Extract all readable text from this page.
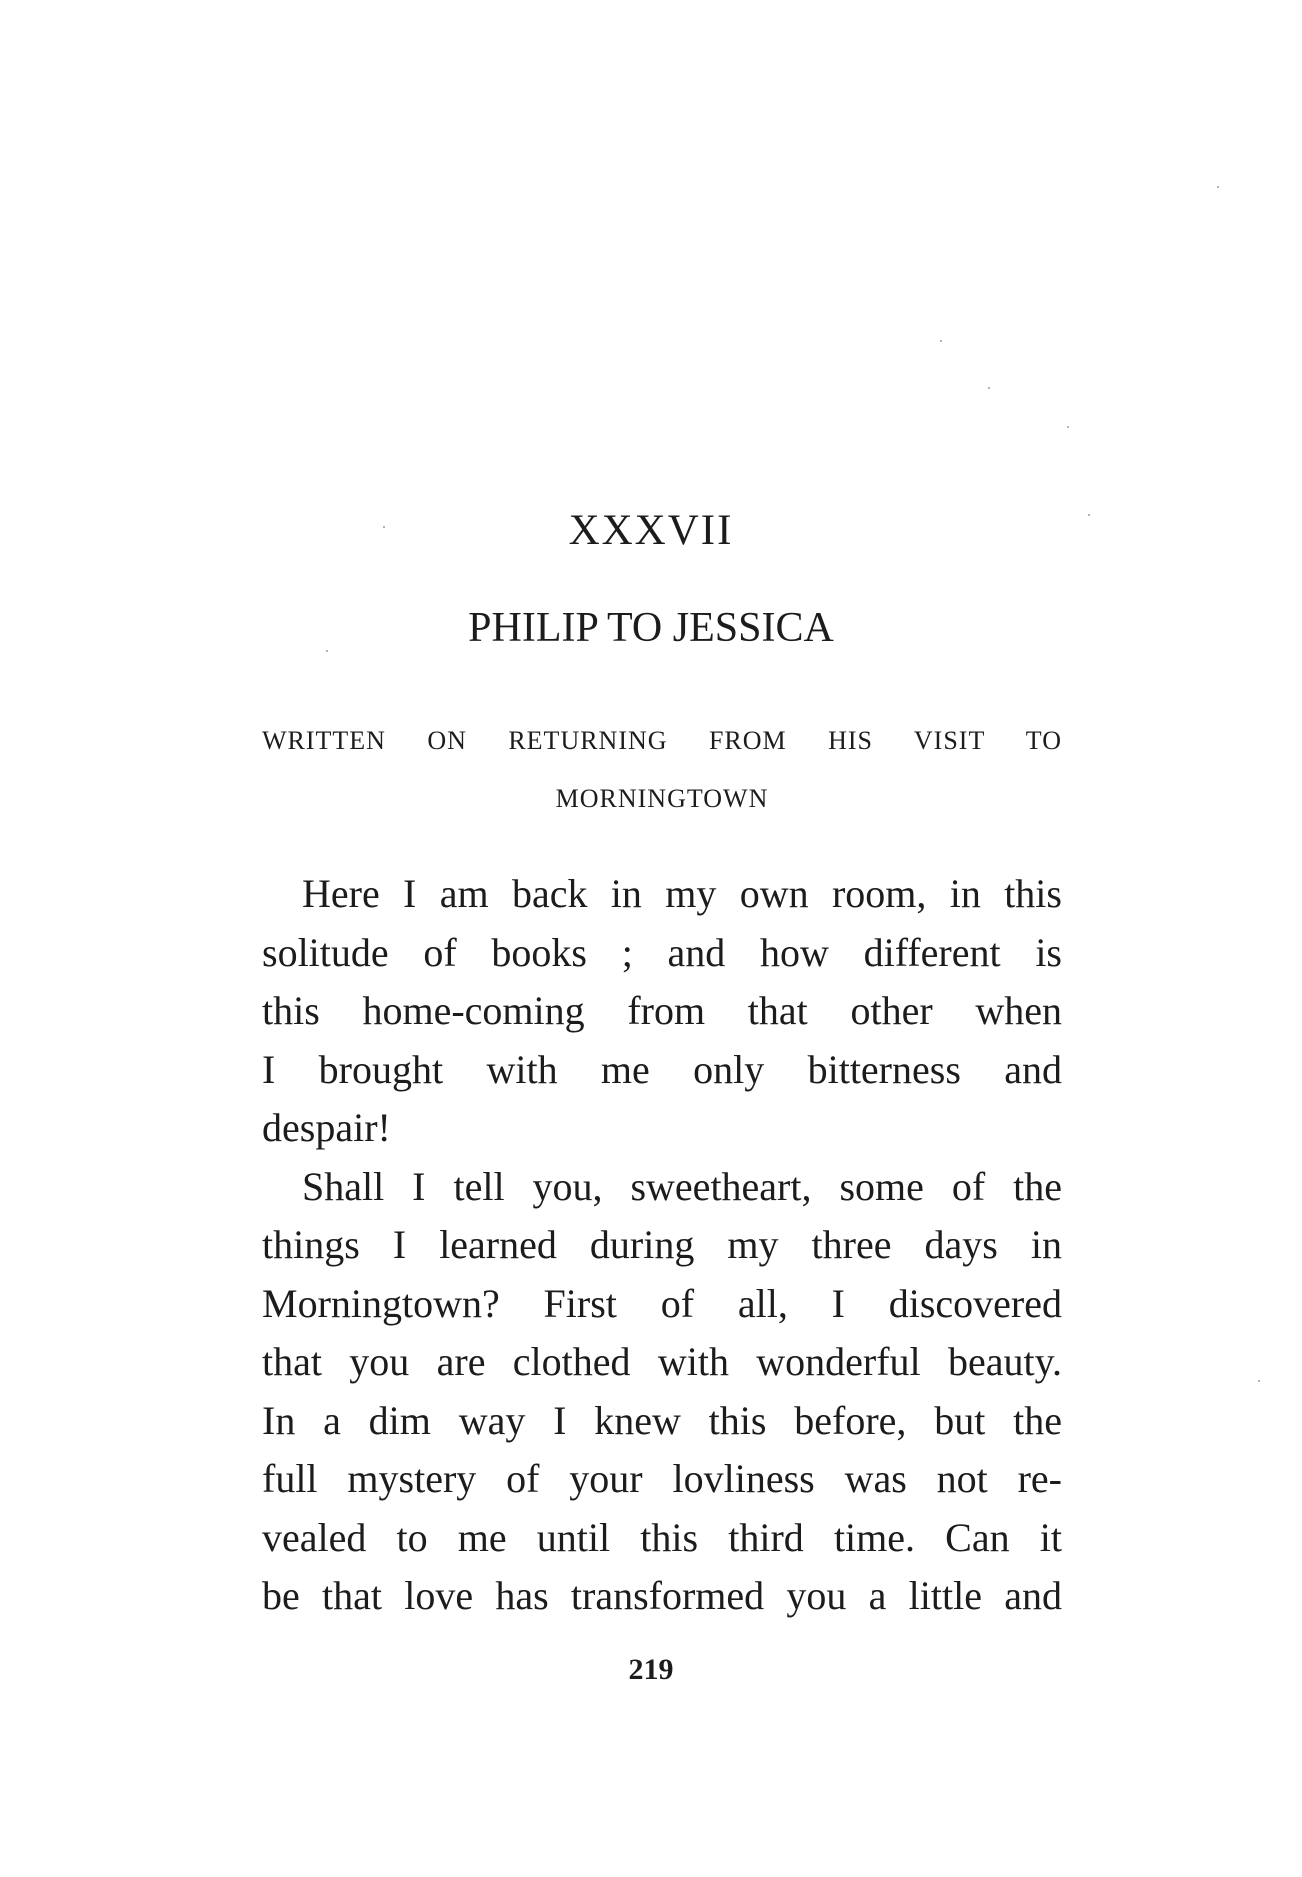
XXXVII
PHILIP TO JESSICA
WRITTEN ON RETURNING FROM HIS VISIT TO
MORNINGTOWN
Here I am back in my own room, in this
solitude of books ; and how different is
this home-coming from that other when
I brought with me only bitterness and
despair!
Shall I tell you, sweetheart, some of the
things I learned during my three days in
Morningtown? First of all, I discovered
that you are clothed with wonderful beauty.
In a dim way I knew this before, but the
full mystery of your lovliness was not re-
vealed to me until this third time. Can it
be that love has transformed you a little and
219
